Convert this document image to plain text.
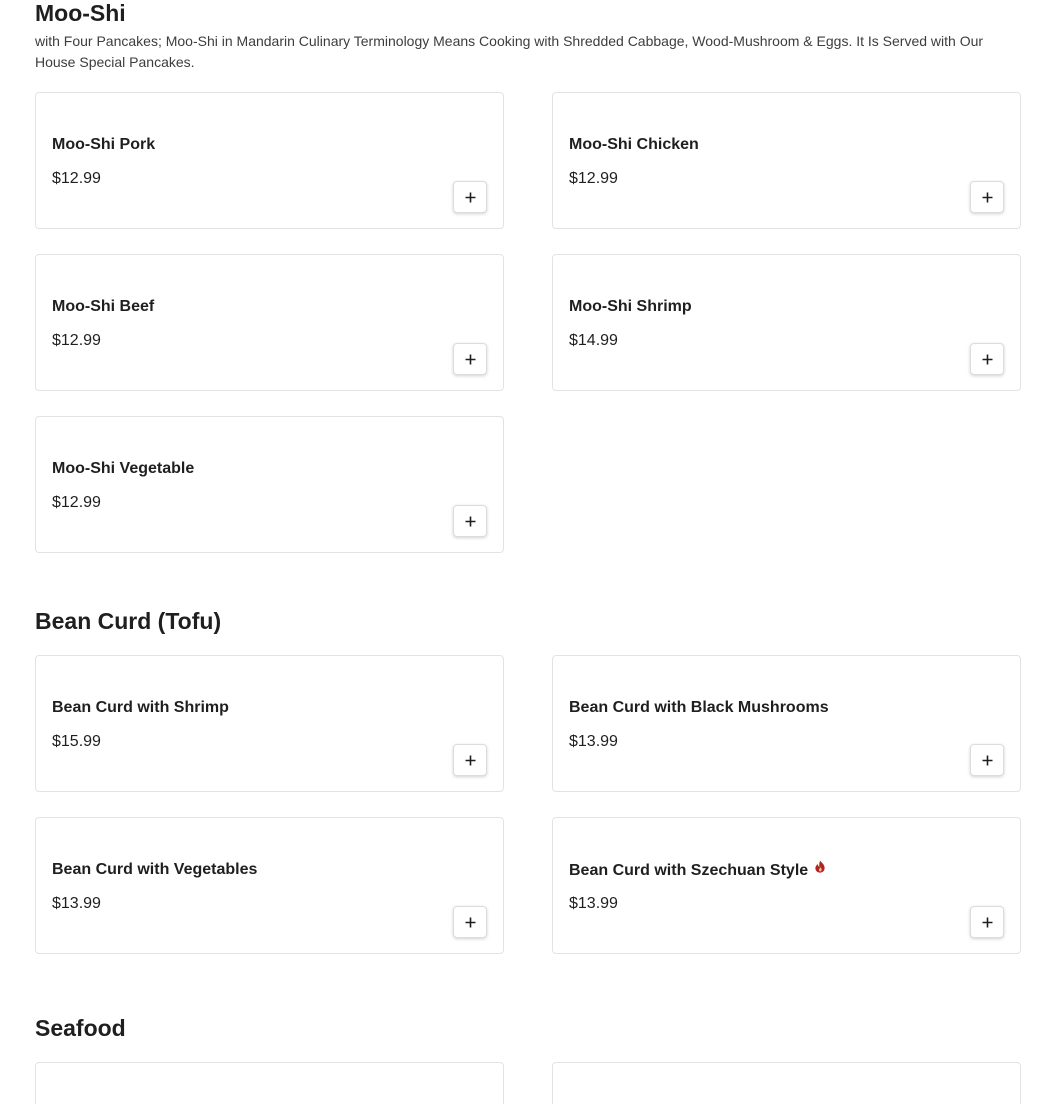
Moo-Shi

with Four Pancakes; Moo-Shi in Mandarin Culinary Terminology Means Cooking with Shredded Cabbage, Wood-Mushroom & Eggs. It Is Served with Our House Special Pancakes.

Moo-Shi Pork
$12.99
Moo-Shi Chicken
$12.99
Moo-Shi Beef
$12.99
Moo-Shi Shrimp
$14.99
Moo-Shi Vegetable
$12.99
Bean Curd (Tofu)
Bean Curd with Shrimp
$15.99
Bean Curd with Black Mushrooms
$13.99
Bean Curd with Vegetables
$13.99
Bean Curd with Szechuan Style
$13.99
Seafood
